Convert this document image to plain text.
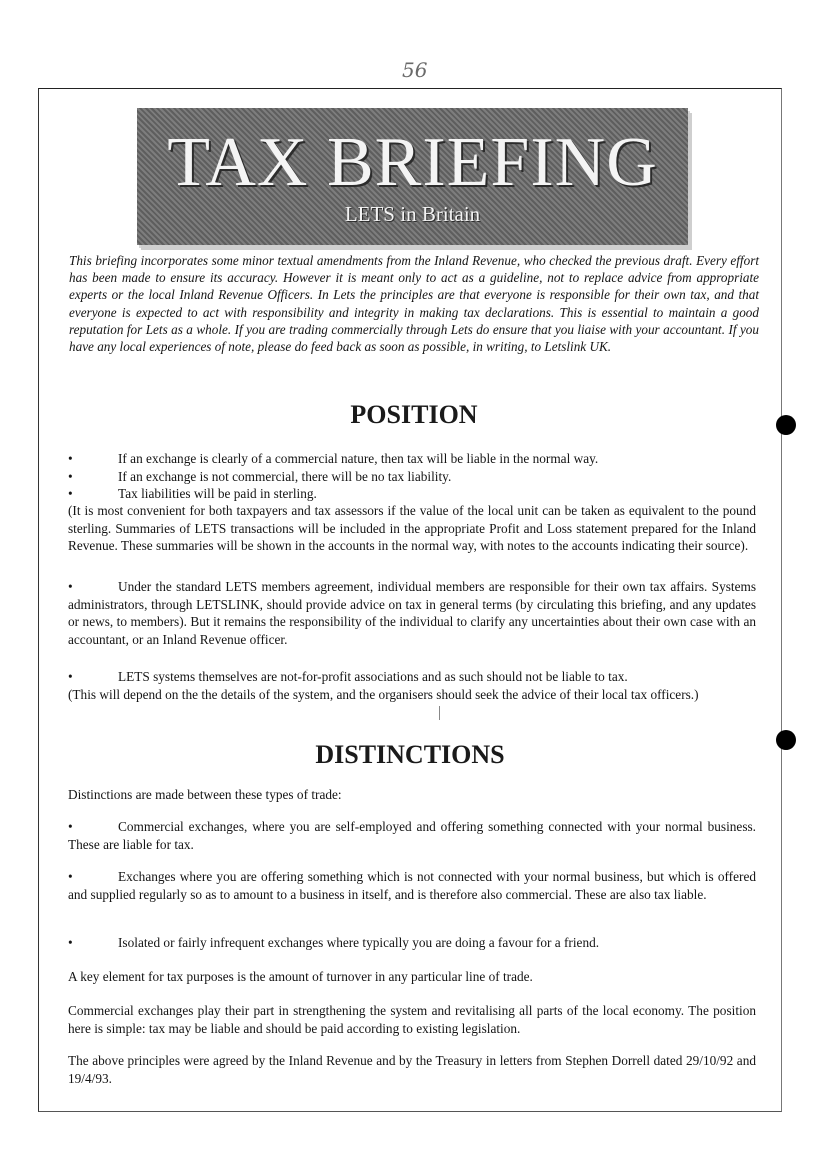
56
TAX BRIEFING
LETS in Britain

This briefing incorporates some minor textual amendments from the Inland Revenue, who checked the previous draft. Every effort has been made to ensure its accuracy. However it is meant only to act as a guideline, not to replace advice from appropriate experts or the local Inland Revenue Officers. In Lets the principles are that everyone is responsible for their own tax, and that everyone is expected to act with responsibility and integrity in making tax declarations. This is essential to maintain a good reputation for Lets as a whole. If you are trading commercially through Lets do ensure that you liaise with your accountant. If you have any local experiences of note, please do feed back as soon as possible, in writing, to Letslink UK.

POSITION
•	If an exchange is clearly of a commercial nature, then tax will be liable in the normal way.
•	If an exchange is not commercial, there will be no tax liability.
•	Tax liabilities will be paid in sterling.

(It is most convenient for both taxpayers and tax assessors if the value of the local unit can be taken as equivalent to the pound sterling. Summaries of LETS transactions will be included in the appropriate Profit and Loss statement prepared for the Inland Revenue. These summaries will be shown in the accounts in the normal way, with notes to the accounts indicating their source).

•	Under the standard LETS members agreement, individual members are responsible for their own tax affairs. Systems administrators, through LETSLINK, should provide advice on tax in general terms (by circulating this briefing, and any updates or news, to members). But it remains the responsibility of the individual to clarify any uncertainties about their own case with an accountant, or an Inland Revenue officer.

•	LETS systems themselves are not-for-profit associations and as such should not be liable to tax.
(This will depend on the the details of the system, and the organisers should seek the advice of their local tax officers.)

DISTINCTIONS

Distinctions are made between these types of trade:

•	Commercial exchanges, where you are self-employed and offering something connected with your normal business. These are liable for tax.

•	Exchanges where you are offering something which is not connected with your normal business, but which is offered and supplied regularly so as to amount to a business in itself, and is therefore also commercial. These are also tax liable.

•	Isolated or fairly infrequent exchanges where typically you are doing a favour for a friend.

A key element for tax purposes is the amount of turnover in any particular line of trade.

Commercial exchanges play their part in strengthening the system and revitalising all parts of the local economy. The position here is simple: tax may be liable and should be paid according to existing legislation.

The above principles were agreed by the Inland Revenue and by the Treasury in letters from Stephen Dorrell dated 29/10/92 and 19/4/93.
